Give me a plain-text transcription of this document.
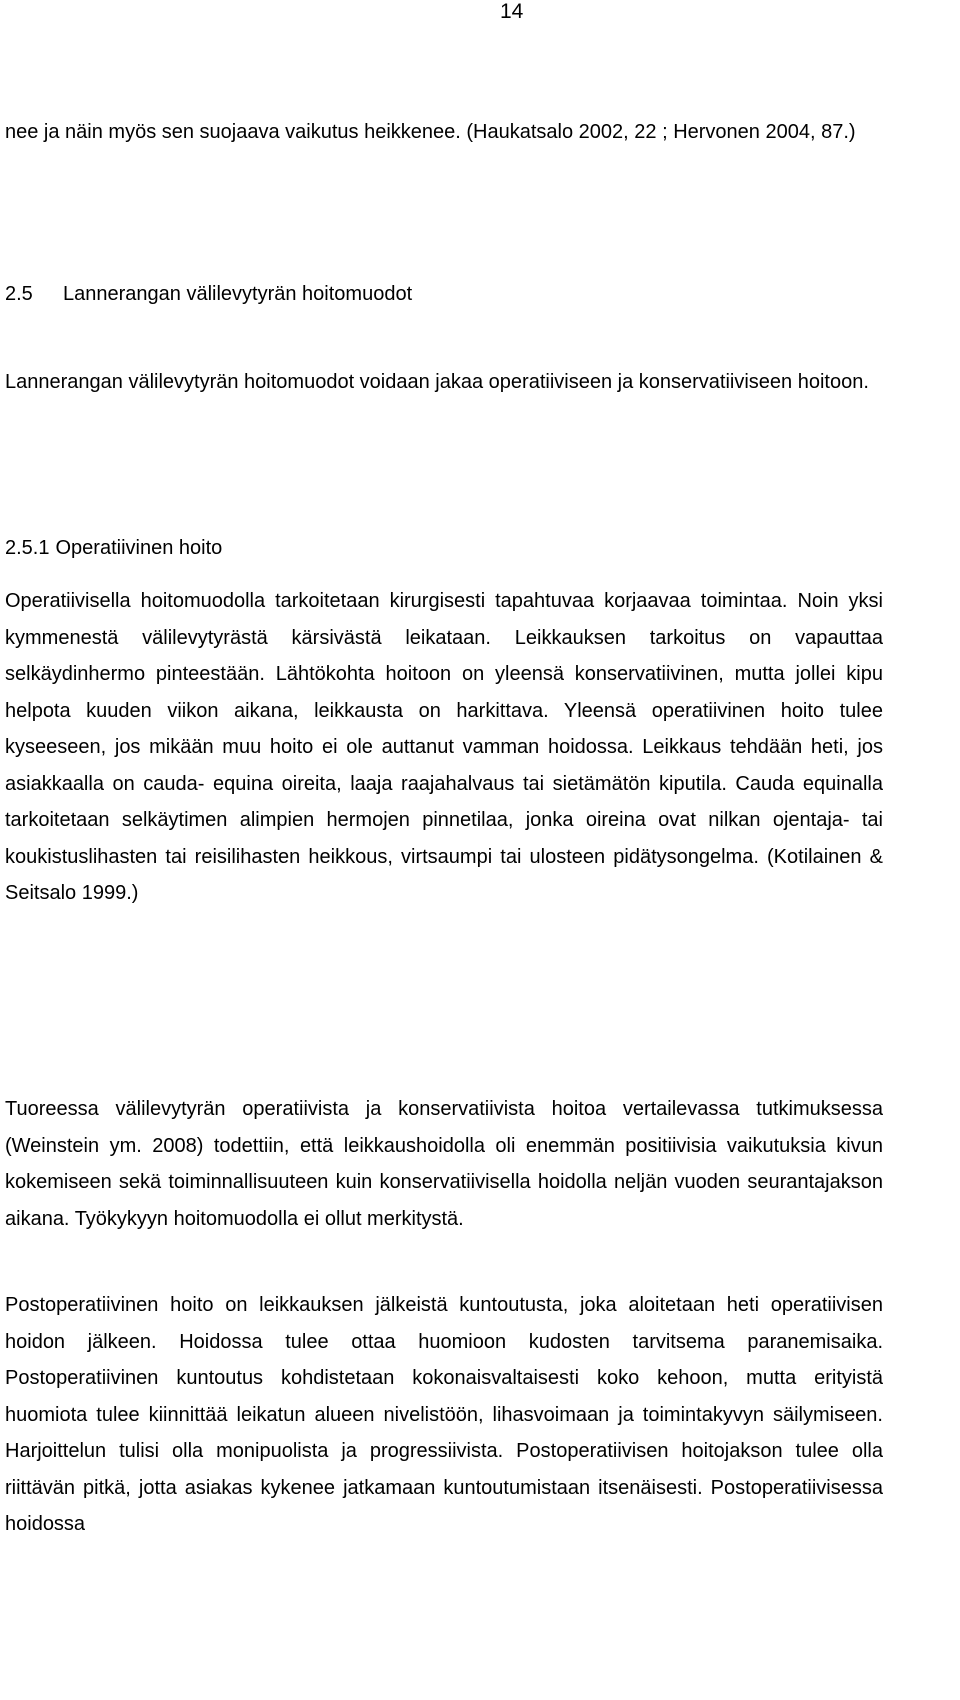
14

nee ja näin myös sen suojaava vaikutus heikkenee. (Haukatsalo 2002, 22 ; Hervonen 2004, 87.)

2.5 Lannerangan välilevytyrän hoitomuodot

Lannerangan välilevytyrän hoitomuodot voidaan jakaa operatiiviseen ja konservatiiviseen hoitoon.

2.5.1 Operatiivinen hoito

Operatiivisella hoitomuodolla tarkoitetaan kirurgisesti tapahtuvaa korjaavaa toimintaa. Noin yksi kymmenestä välilevytyrästä kärsivästä leikataan. Leikkauksen tarkoitus on vapauttaa selkäydinhermo pinteestään. Lähtökohta hoitoon on yleensä konservatiivinen, mutta jollei kipu helpota kuuden viikon aikana, leikkausta on harkittava. Yleensä operatiivinen hoito tulee kyseeseen, jos mikään muu hoito ei ole auttanut vamman hoidossa. Leikkaus tehdään heti, jos asiakkaalla on cauda- equina oireita, laaja raajahalvaus tai sietämätön kiputila. Cauda equinalla tarkoitetaan selkäytimen alimpien hermojen pinnetilaa, jonka oireina ovat nilkan ojentaja- tai koukistuslihasten tai reisilihasten heikkous, virtsaumpi tai ulosteen pidätysongelma. (Kotilainen & Seitsalo 1999.)

Tuoreessa välilevytyrän operatiivista ja konservatiivista hoitoa vertailevassa tutkimuksessa (Weinstein ym. 2008) todettiin, että leikkaushoidolla oli enemmän positiivisia vaikutuksia kivun kokemiseen sekä toiminnallisuuteen kuin konservatiivisella hoidolla neljän vuoden seurantajakson aikana. Työkykyyn hoitomuodolla ei ollut merkitystä.

Postoperatiivinen hoito on leikkauksen jälkeistä kuntoutusta, joka aloitetaan heti operatiivisen hoidon jälkeen. Hoidossa tulee ottaa huomioon kudosten tarvitsema paranemisaika. Postoperatiivinen kuntoutus kohdistetaan kokonaisvaltaisesti koko kehoon, mutta erityistä huomiota tulee kiinnittää leikatun alueen nivelistöön, lihasvoimaan ja toimintakyvyn säilymiseen. Harjoittelun tulisi olla monipuolista ja progressiivista. Postoperatiivisen hoitojakson tulee olla riittävän pitkä, jotta asiakas kykenee jatkamaan kuntoutumistaan itsenäisesti. Postoperatiivisessa hoidossa
